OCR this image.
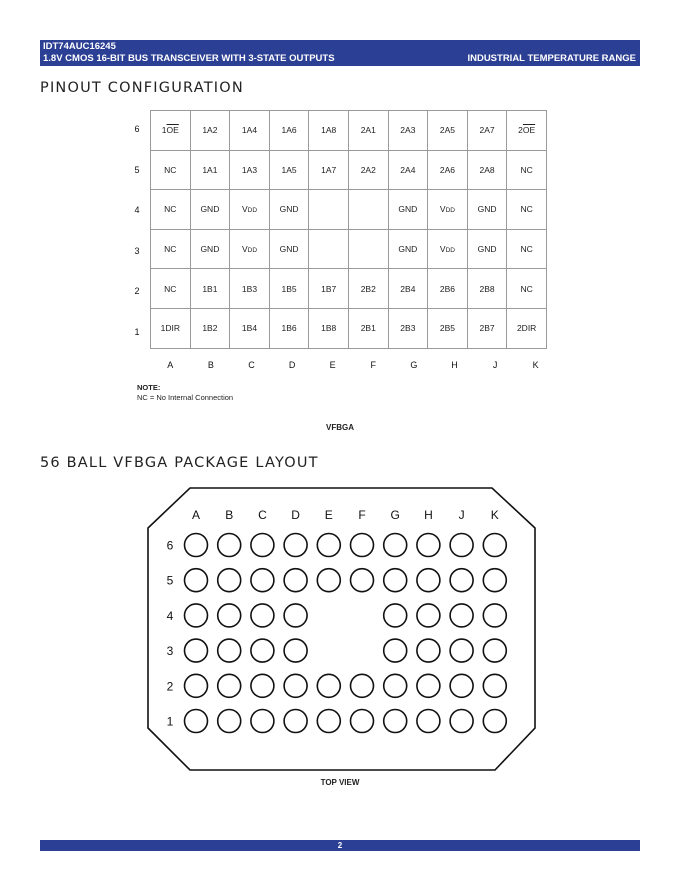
IDT74AUC16245
1.8V CMOS 16-BIT BUS TRANSCEIVER WITH 3-STATE OUTPUTS	INDUSTRIAL TEMPERATURE RANGE
PINOUT CONFIGURATION
$1\overline{OE}$	1A2	1A4	1A6	1A8	2A1	2A3	2A5	2A7	$2\overline{OE}$
NC	1A1	1A3	1A5	1A7	2A2	2A4	2A6	2A8	NC
NC	GND	VDD	GND			GND	VDD	GND	NC
NC	GND	VDD	GND			GND	VDD	GND	NC
NC	1B1	1B3	1B5	1B7	2B2	2B4	2B6	2B8	NC
1DIR	1B2	1B4	1B6	1B8	2B1	2B3	2B5	2B7	2DIR
6
5
4
3
2
1
A	B	C	D	E	F	G	H	J	K
NOTE:
NC = No Internal Connection
VFBGA
56 BALL VFBGA PACKAGE LAYOUT
A B C D E F G H J K
6
5
4
3
2
1
TOP VIEW
2
